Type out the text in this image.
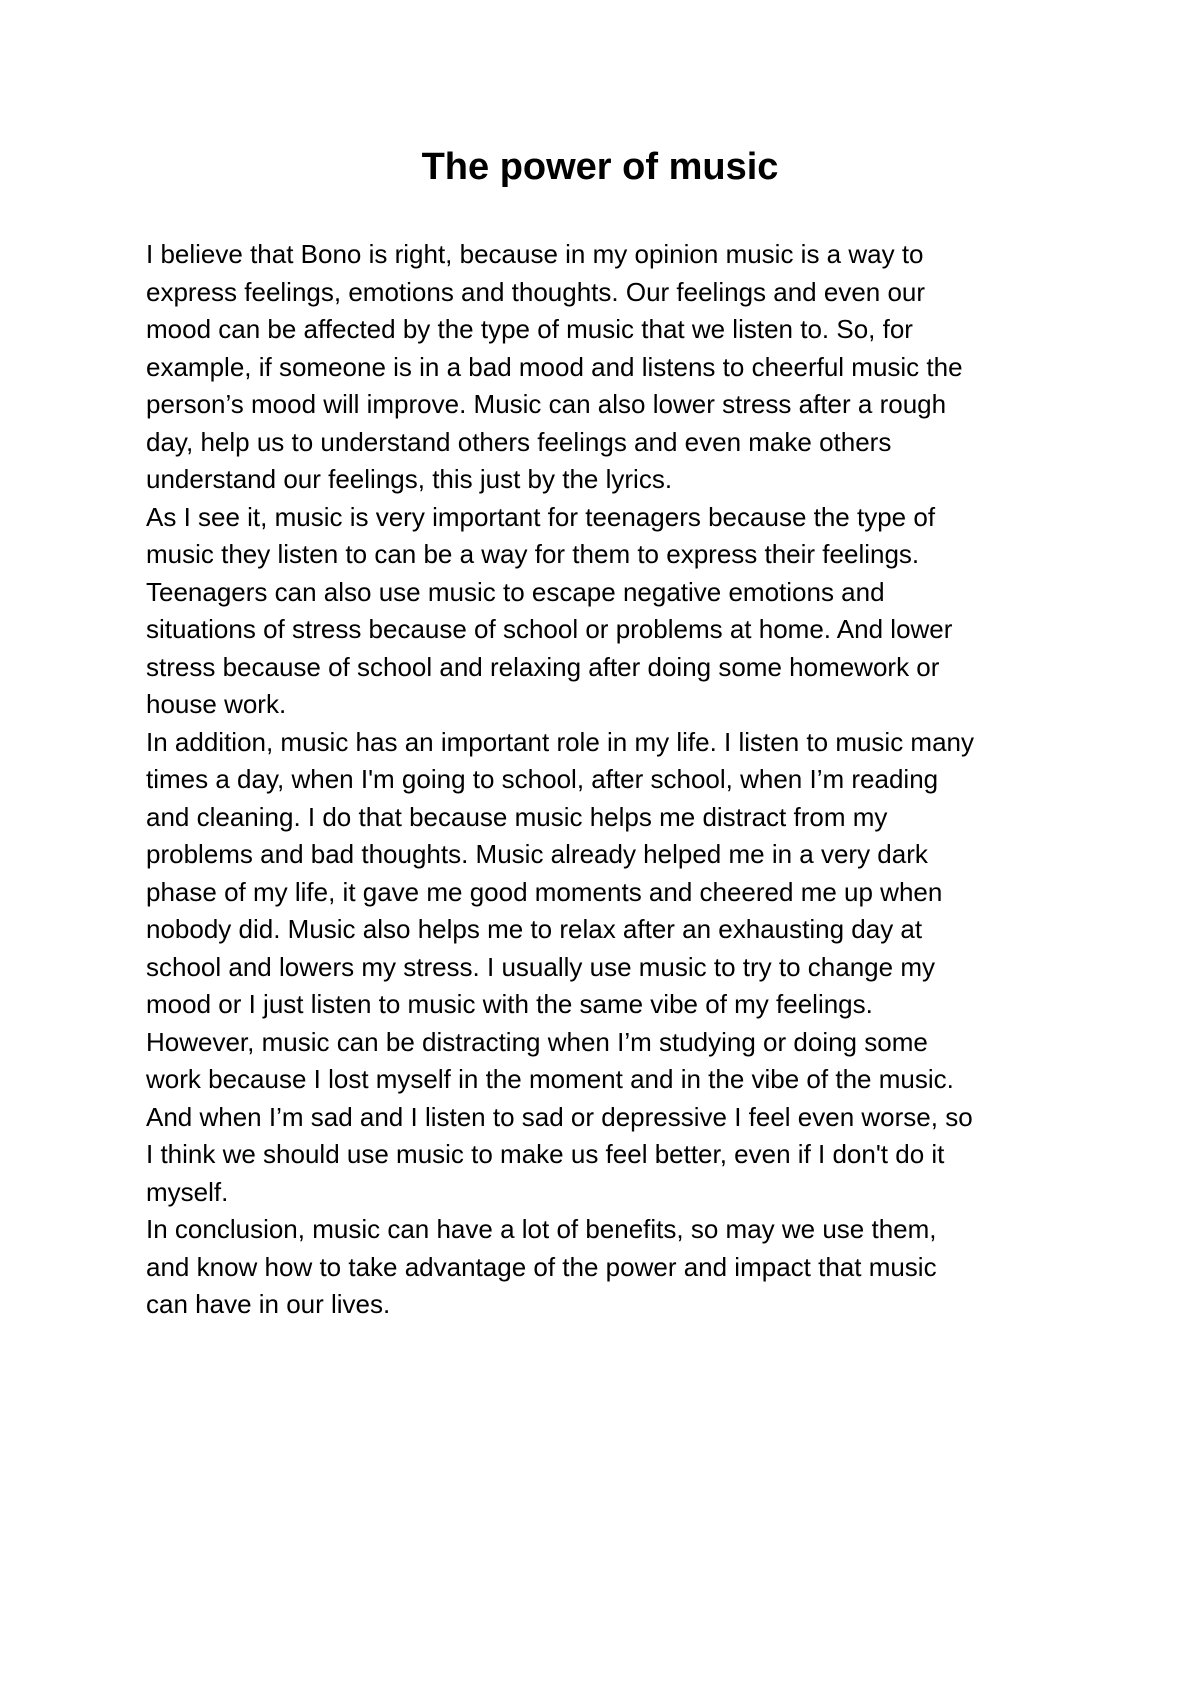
The power of music
I believe that Bono is right, because in my opinion music is a way to
express feelings, emotions and thoughts. Our feelings and even our
mood can be affected by the type of music that we listen to. So, for
example, if someone is in a bad mood and listens to cheerful music the
person’s mood will improve. Music can also lower stress after a rough
day, help us to understand others feelings and even make others
understand our feelings, this just by the lyrics.
As I see it, music is very important for teenagers because the type of
music they listen to can be a way for them to express their feelings.
Teenagers can also use music to escape negative emotions and
situations of stress because of school or problems at home. And lower
stress because of school and relaxing after doing some homework or
house work.
In addition, music has an important role in my life. I listen to music many
times a day, when I'm going to school, after school, when I’m reading
and cleaning. I do that because music helps me distract from my
problems and bad thoughts. Music already helped me in a very dark
phase of my life, it gave me good moments and cheered me up when
nobody did. Music also helps me to relax after an exhausting day at
school and lowers my stress. I usually use music to try to change my
mood or I just listen to music with the same vibe of my feelings.
However, music can be distracting when I’m studying or doing some
work because I lost myself in the moment and in the vibe of the music.
And when I’m sad and I listen to sad or depressive I feel even worse, so
I think we should use music to make us feel better, even if I don't do it
myself.
In conclusion, music can have a lot of benefits, so may we use them,
and know how to take advantage of the power and impact that music
can have in our lives.
